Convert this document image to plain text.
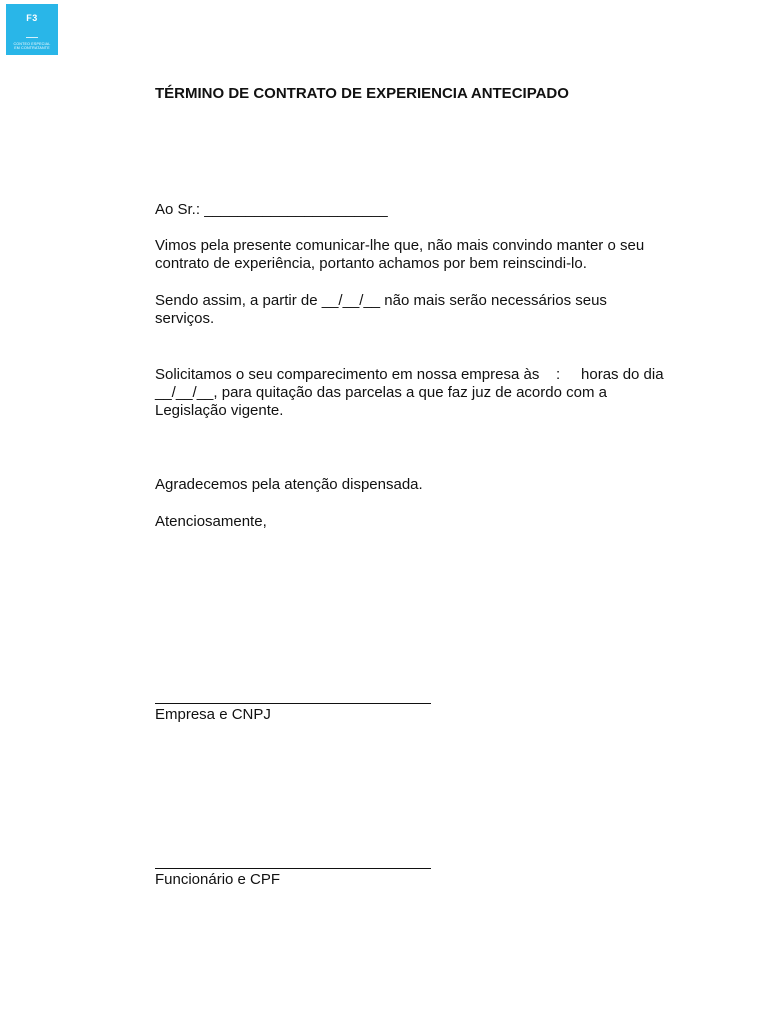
F3
CONTEO ESPECIAL
EM CONTRATANTE
TÉRMINO DE CONTRATO DE EXPERIENCIA ANTECIPADO
Ao Sr.: ______________________
Vimos pela presente comunicar-lhe que, não mais convindo manter o seu contrato de experiência, portanto achamos por bem reinscindi-lo.
Sendo assim, a partir de __/__/__ não mais serão necessários seus serviços.
Solicitamos o seu comparecimento em nossa empresa às    :     horas do dia __/__/__, para quitação das parcelas a que faz juz de acordo com a Legislação vigente.
Agradecemos pela atenção dispensada.
Atenciosamente,
Empresa e CNPJ
Funcionário e CPF
